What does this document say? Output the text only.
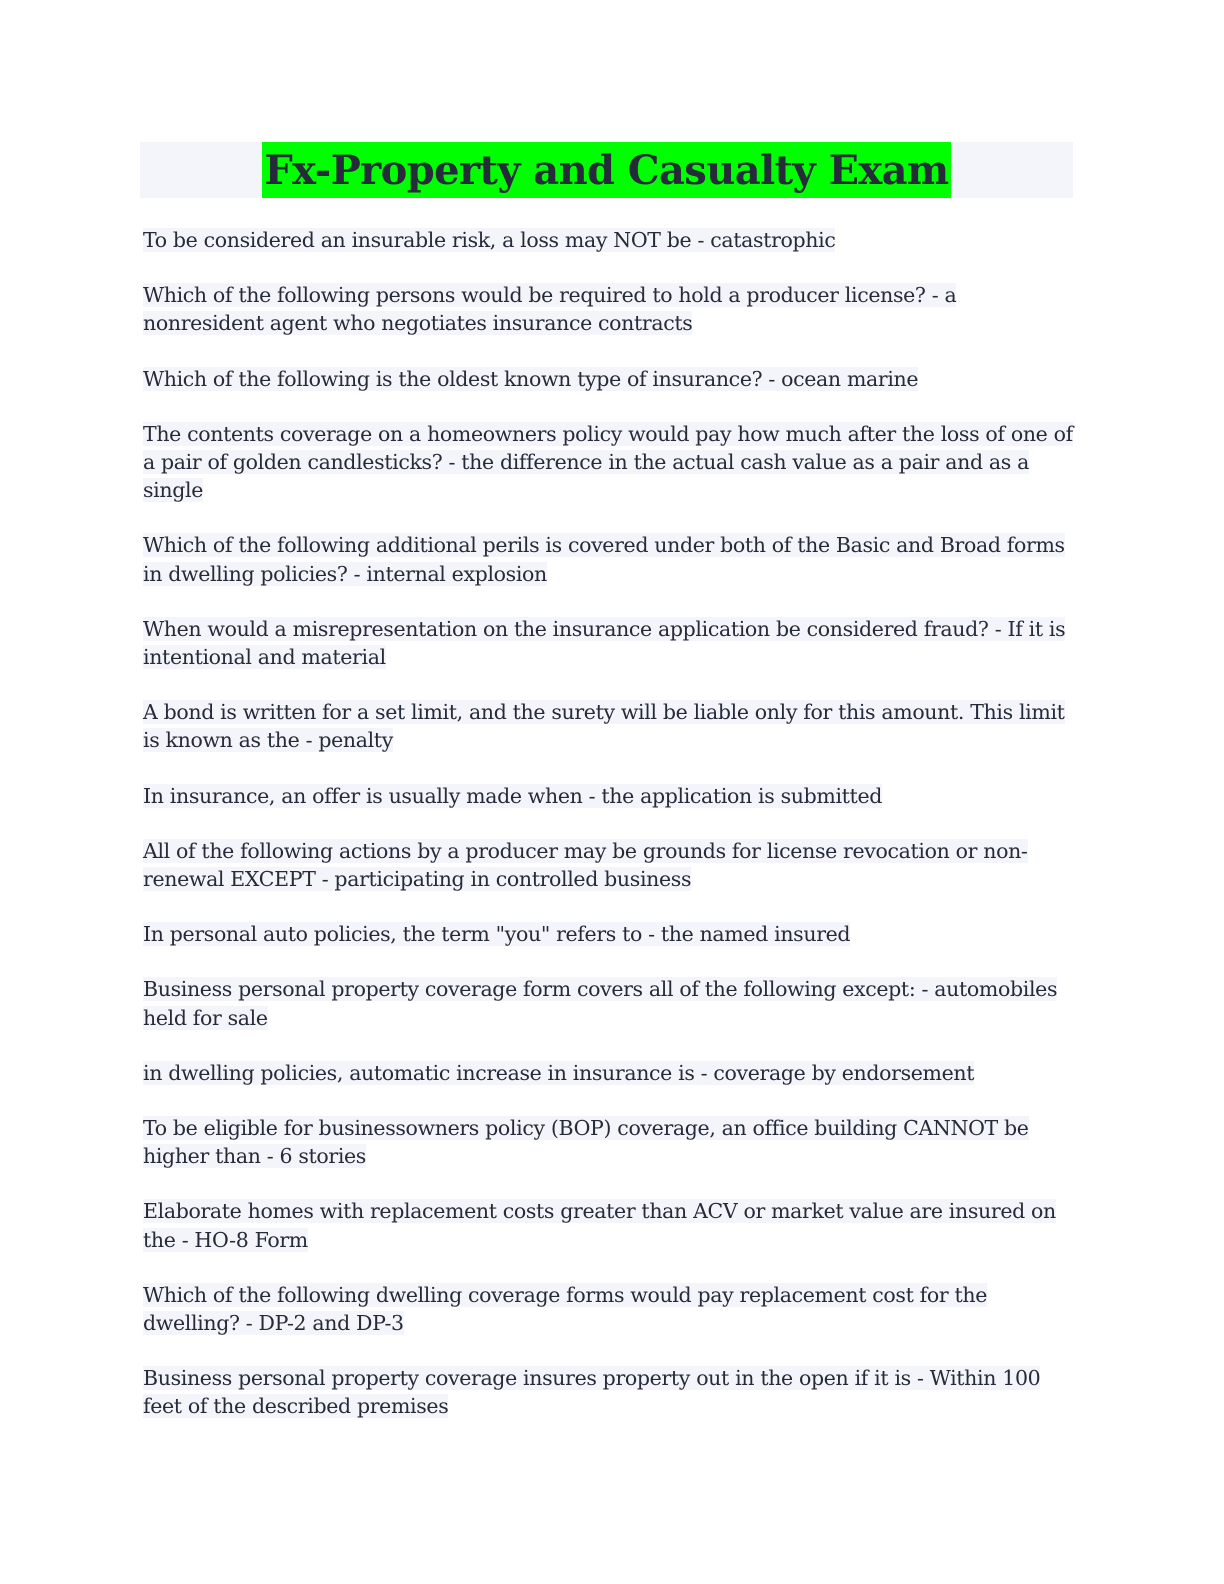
Fx-Property and Casualty Exam

To be considered an insurable risk, a loss may NOT be - catastrophic

Which of the following persons would be required to hold a producer license? - a nonresident agent who negotiates insurance contracts

Which of the following is the oldest known type of insurance? - ocean marine

The contents coverage on a homeowners policy would pay how much after the loss of one of a pair of golden candlesticks? - the difference in the actual cash value as a pair and as a single

Which of the following additional perils is covered under both of the Basic and Broad forms in dwelling policies? - internal explosion

When would a misrepresentation on the insurance application be considered fraud? - If it is intentional and material

A bond is written for a set limit, and the surety will be liable only for this amount. This limit is known as the - penalty

In insurance, an offer is usually made when - the application is submitted

All of the following actions by a producer may be grounds for license revocation or non-renewal EXCEPT - participating in controlled business

In personal auto policies, the term "you" refers to - the named insured

Business personal property coverage form covers all of the following except: - automobiles held for sale

in dwelling policies, automatic increase in insurance is - coverage by endorsement

To be eligible for businessowners policy (BOP) coverage, an office building CANNOT be higher than - 6 stories

Elaborate homes with replacement costs greater than ACV or market value are insured on the - HO-8 Form

Which of the following dwelling coverage forms would pay replacement cost for the dwelling? - DP-2 and DP-3

Business personal property coverage insures property out in the open if it is - Within 100 feet of the described premises
